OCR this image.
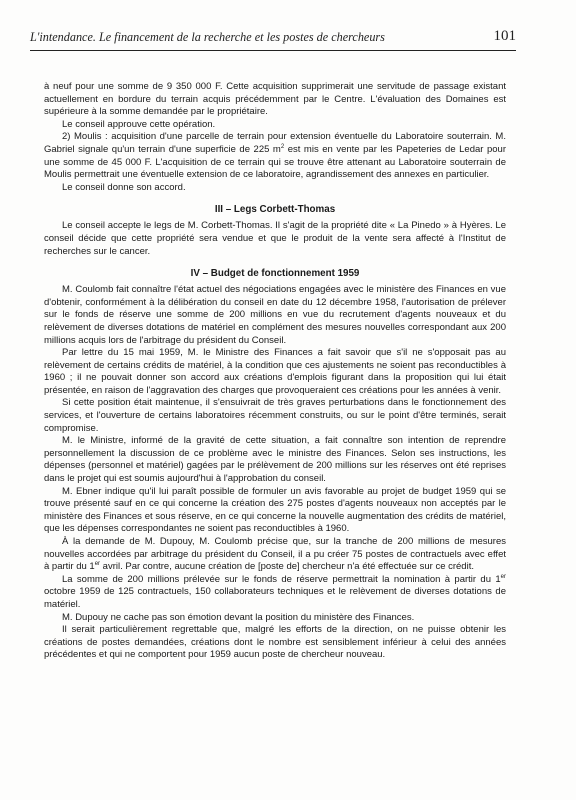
L'intendance. Le financement de la recherche et les postes de chercheurs	101

à neuf pour une somme de 9 350 000 F. Cette acquisition supprimerait une servitude de passage existant actuellement en bordure du terrain acquis précédemment par le Centre. L'évaluation des Domaines est supérieure à la somme demandée par le propriétaire.

Le conseil approuve cette opération.

2) Moulis : acquisition d'une parcelle de terrain pour extension éventuelle du Laboratoire souterrain. M. Gabriel signale qu'un terrain d'une superficie de 225 $m^2$ est mis en vente par les Papeteries de Ledar pour une somme de 45 000 F. L'acquisition de ce terrain qui se trouve être attenant au Laboratoire souterrain de Moulis permettrait une éventuelle extension de ce laboratoire, agrandissement des annexes en particulier.

Le conseil donne son accord.

III – Legs Corbett-Thomas

Le conseil accepte le legs de M. Corbett-Thomas. Il s'agit de la propriété dite « La Pinedo » à Hyères. Le conseil décide que cette propriété sera vendue et que le produit de la vente sera affecté à l'Institut de recherches sur le cancer.

IV – Budget de fonctionnement 1959

M. Coulomb fait connaître l'état actuel des négociations engagées avec le ministère des Finances en vue d'obtenir, conformément à la délibération du conseil en date du 12 décembre 1958, l'autorisation de prélever sur le fonds de réserve une somme de 200 millions en vue du recrutement d'agents nouveaux et du relèvement de diverses dotations de matériel en complément des mesures nouvelles correspondant aux 200 millions acquis lors de l'arbitrage du président du Conseil.

Par lettre du 15 mai 1959, M. le Ministre des Finances a fait savoir que s'il ne s'opposait pas au relèvement de certains crédits de matériel, à la condition que ces ajustements ne soient pas reconductibles à 1960 ; il ne pouvait donner son accord aux créations d'emplois figurant dans la proposition qui lui était présentée, en raison de l'aggravation des charges que provoqueraient ces créations pour les années à venir.

Si cette position était maintenue, il s'ensuivrait de très graves perturbations dans le fonctionnement des services, et l'ouverture de certains laboratoires récemment construits, ou sur le point d'être terminés, serait compromise.

M. le Ministre, informé de la gravité de cette situation, a fait connaître son intention de reprendre personnellement la discussion de ce problème avec le ministre des Finances. Selon ses instructions, les dépenses (personnel et matériel) gagées par le prélèvement de 200 millions sur les réserves ont été reprises dans le projet qui est soumis aujourd'hui à l'approbation du conseil.

M. Ebner indique qu'il lui paraît possible de formuler un avis favorable au projet de budget 1959 qui se trouve présenté sauf en ce qui concerne la création des 275 postes d'agents nouveaux non acceptés par le ministère des Finances et sous réserve, en ce qui concerne la nouvelle augmentation des crédits de matériel, que les dépenses correspondantes ne soient pas reconductibles à 1960.

À la demande de M. Dupouy, M. Coulomb précise que, sur la tranche de 200 millions de mesures nouvelles accordées par arbitrage du président du Conseil, il a pu créer 75 postes de contractuels avec effet à partir du 1er avril. Par contre, aucune création de [poste de] chercheur n'a été effectuée sur ce crédit.

La somme de 200 millions prélevée sur le fonds de réserve permettrait la nomination à partir du 1er octobre 1959 de 125 contractuels, 150 collaborateurs techniques et le relèvement de diverses dotations de matériel.

M. Dupouy ne cache pas son émotion devant la position du ministère des Finances.

Il serait particulièrement regrettable que, malgré les efforts de la direction, on ne puisse obtenir les créations de postes demandées, créations dont le nombre est sensiblement inférieur à celui des années précédentes et qui ne comportent pour 1959 aucun poste de chercheur nouveau.
